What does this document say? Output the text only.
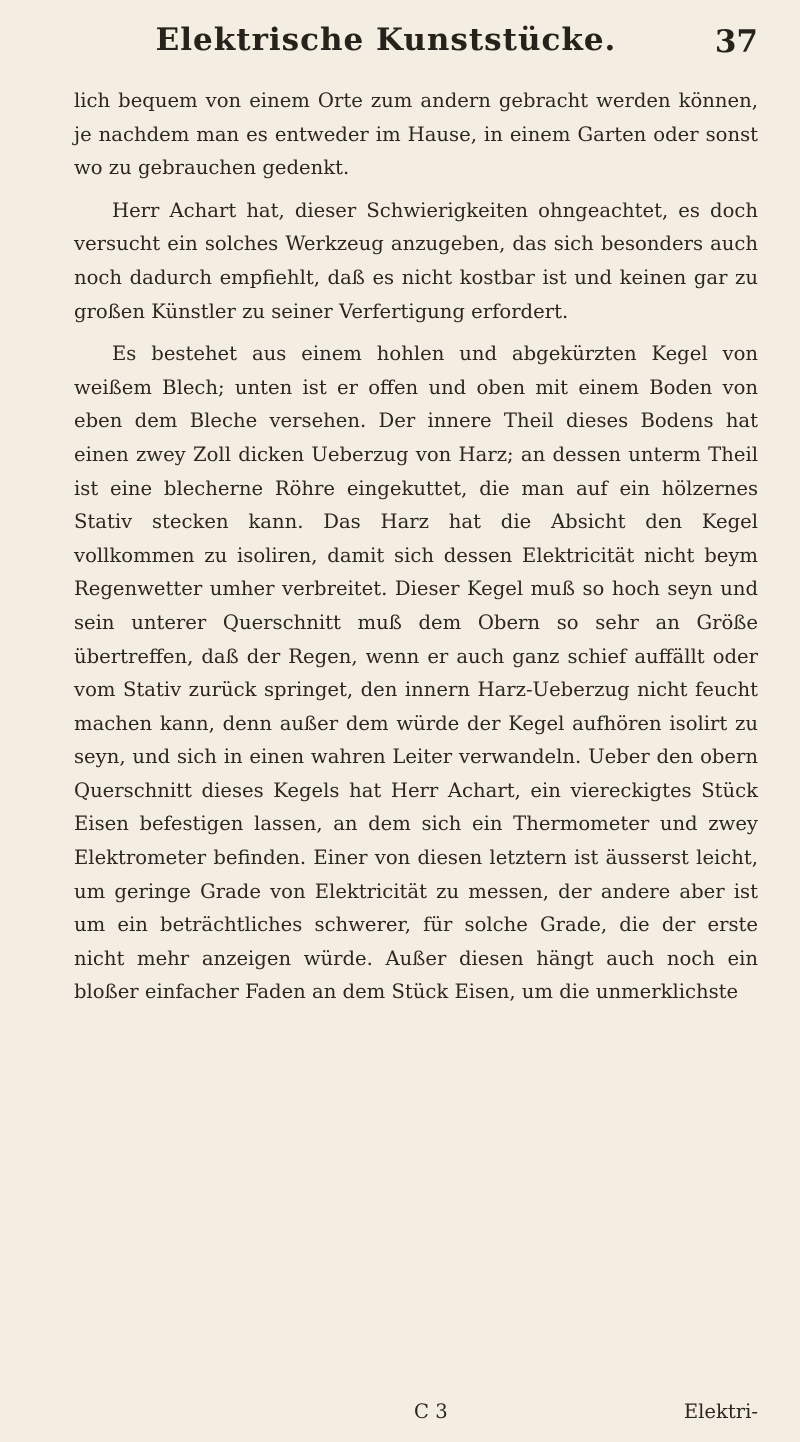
Elektrische Kunststücke.	37

lich bequem von einem Orte zum andern gebracht werden können, je nachdem man es entweder im Hause, in einem Garten oder sonst wo zu gebrauchen gedenkt.

Herr Achart hat, dieser Schwierigkeiten ohngeachtet, es doch versucht ein solches Werkzeug anzugeben, das sich besonders auch noch dadurch empfiehlt, daß es nicht kostbar ist und keinen gar zu großen Künstler zu seiner Verfertigung erfordert.

Es bestehet aus einem hohlen und abgekürzten Kegel von weißem Blech; unten ist er offen und oben mit einem Boden von eben dem Bleche versehen. Der innere Theil dieses Bodens hat einen zwey Zoll dicken Ueberzug von Harz; an dessen unterm Theil ist eine blecherne Röhre eingekuttet, die man auf ein hölzernes Stativ stecken kann. Das Harz hat die Absicht den Kegel vollkommen zu isoliren, damit sich dessen Elektricität nicht beym Regenwetter umher verbreitet. Dieser Kegel muß so hoch seyn und sein unterer Querschnitt muß dem Obern so sehr an Größe übertreffen, daß der Regen, wenn er auch ganz schief auffällt oder vom Stativ zurück springet, den innern Harz-Ueberzug nicht feucht machen kann, denn außer dem würde der Kegel aufhören isolirt zu seyn, und sich in einen wahren Leiter verwandeln. Ueber den obern Querschnitt dieses Kegels hat Herr Achart, ein viereckigtes Stück Eisen befestigen lassen, an dem sich ein Thermometer und zwey Elektrometer befinden. Einer von diesen letztern ist äusserst leicht, um geringe Grade von Elektricität zu messen, der andere aber ist um ein beträchtliches schwerer, für solche Grade, die der erste nicht mehr anzeigen würde. Außer diesen hängt auch noch ein bloßer einfacher Faden an dem Stück Eisen, um die unmerklichste

C 3	Elektri-
